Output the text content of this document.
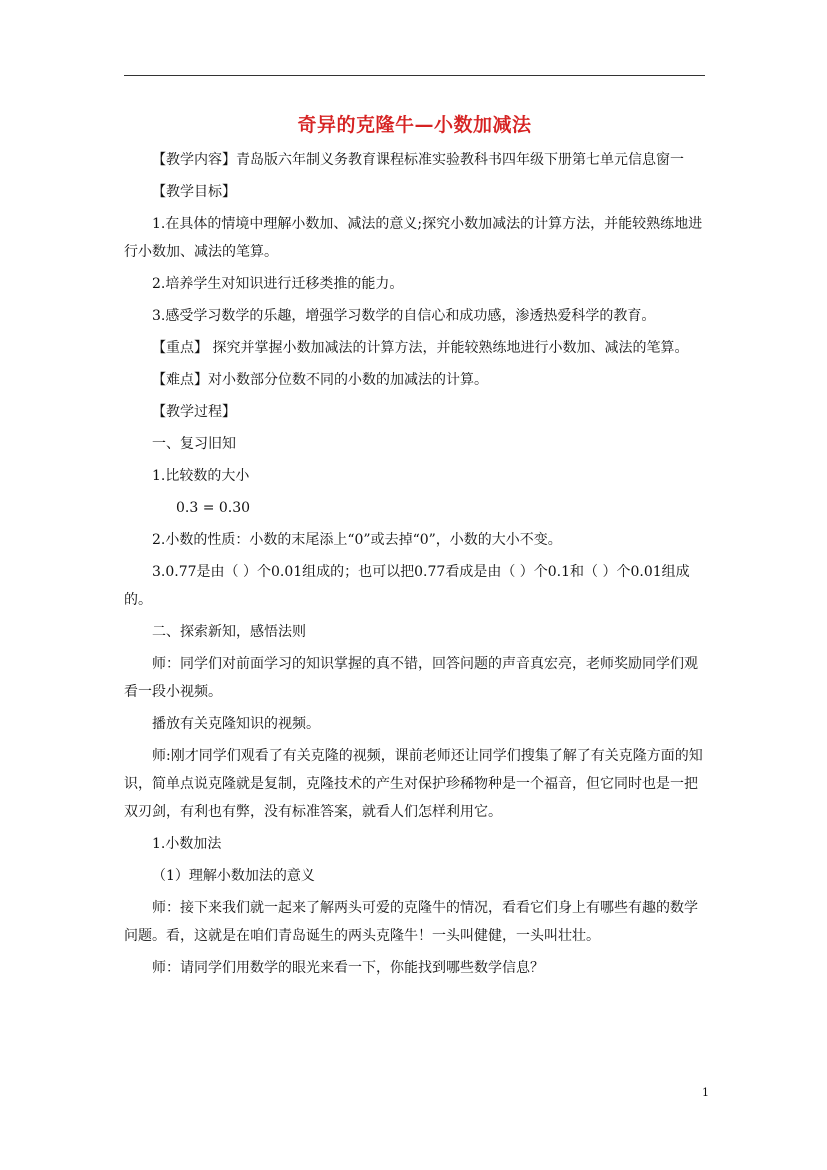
奇异的克隆牛—小数加减法

【教学内容】青岛版六年制义务教育课程标准实验教科书四年级下册第七单元信息窗一

【教学目标】

1.在具体的情境中理解小数加、减法的意义;探究小数加减法的计算方法，并能较熟练地进行小数加、减法的笔算。

2.培养学生对知识进行迁移类推的能力。

3.感受学习数学的乐趣，增强学习数学的自信心和成功感，渗透热爱科学的教育。

【重点】 探究并掌握小数加减法的计算方法，并能较熟练地进行小数加、减法的笔算。

【难点】对小数部分位数不同的小数的加减法的计算。

【教学过程】

一、复习旧知

1.比较数的大小

0.3 = 0.30

2.小数的性质：小数的末尾添上“0”或去掉“0”，小数的大小不变。

3.0.77是由（ ）个0.01组成的；也可以把0.77看成是由（ ）个0.1和（ ）个0.01组成的。

二、探索新知，感悟法则

师：同学们对前面学习的知识掌握的真不错，回答问题的声音真宏亮，老师奖励同学们观看一段小视频。

播放有关克隆知识的视频。

师:刚才同学们观看了有关克隆的视频，课前老师还让同学们搜集了解了有关克隆方面的知识，简单点说克隆就是复制，克隆技术的产生对保护珍稀物种是一个福音，但它同时也是一把双刃剑，有利也有弊，没有标准答案，就看人们怎样利用它。

1.小数加法

（1）理解小数加法的意义

师：接下来我们就一起来了解两头可爱的克隆牛的情况，看看它们身上有哪些有趣的数学问题。看，这就是在咱们青岛诞生的两头克隆牛！一头叫健健，一头叫壮壮。

师：请同学们用数学的眼光来看一下，你能找到哪些数学信息？

1
